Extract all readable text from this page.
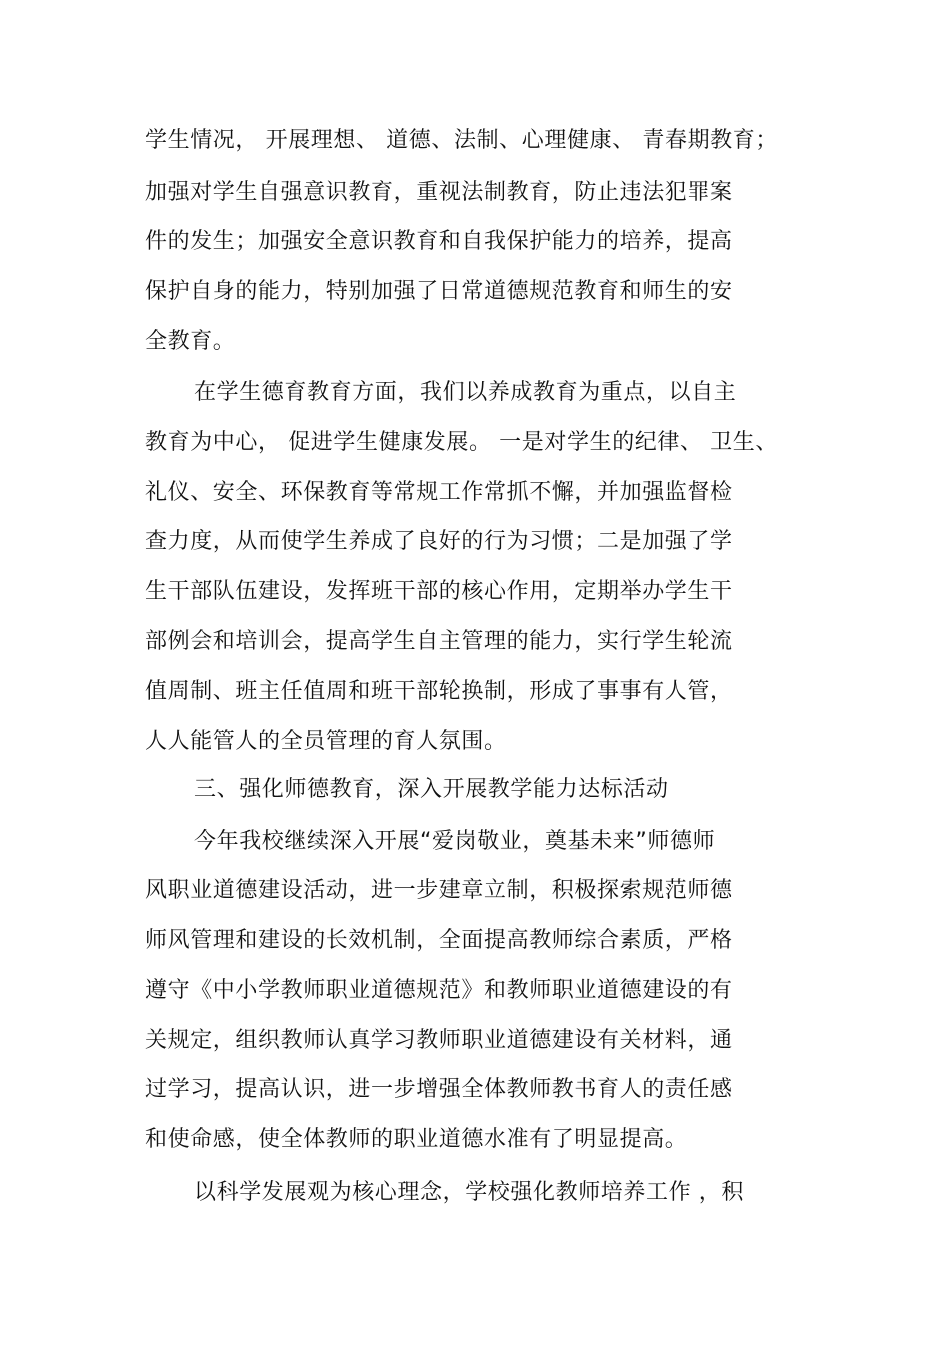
学生情况， 开展理想、 道德、法制、心理健康、 青春期教育；
加强对学生自强意识教育，重视法制教育，防止违法犯罪案
件的发生；加强安全意识教育和自我保护能力的培养，提高
保护自身的能力，特别加强了日常道德规范教育和师生的安
全教育。
在学生德育教育方面，我们以养成教育为重点，以自主
教育为中心， 促进学生健康发展。 一是对学生的纪律、 卫生、
礼仪、安全、环保教育等常规工作常抓不懈，并加强监督检
查力度，从而使学生养成了良好的行为习惯；二是加强了学
生干部队伍建设，发挥班干部的核心作用，定期举办学生干
部例会和培训会，提高学生自主管理的能力，实行学生轮流
值周制、班主任值周和班干部轮换制，形成了事事有人管，
人人能管人的全员管理的育人氛围。
三、强化师德教育，深入开展教学能力达标活动
今年我校继续深入开展“爱岗敬业，奠基未来”师德师
风职业道德建设活动，进一步建章立制，积极探索规范师德
师风管理和建设的长效机制，全面提高教师综合素质，严格
遵守《中小学教师职业道德规范》和教师职业道德建设的有
关规定，组织教师认真学习教师职业道德建设有关材料，通
过学习，提高认识，进一步增强全体教师教书育人的责任感
和使命感，使全体教师的职业道德水准有了明显提高。
以科学发展观为核心理念，学校强化教师培养工作 ，积
